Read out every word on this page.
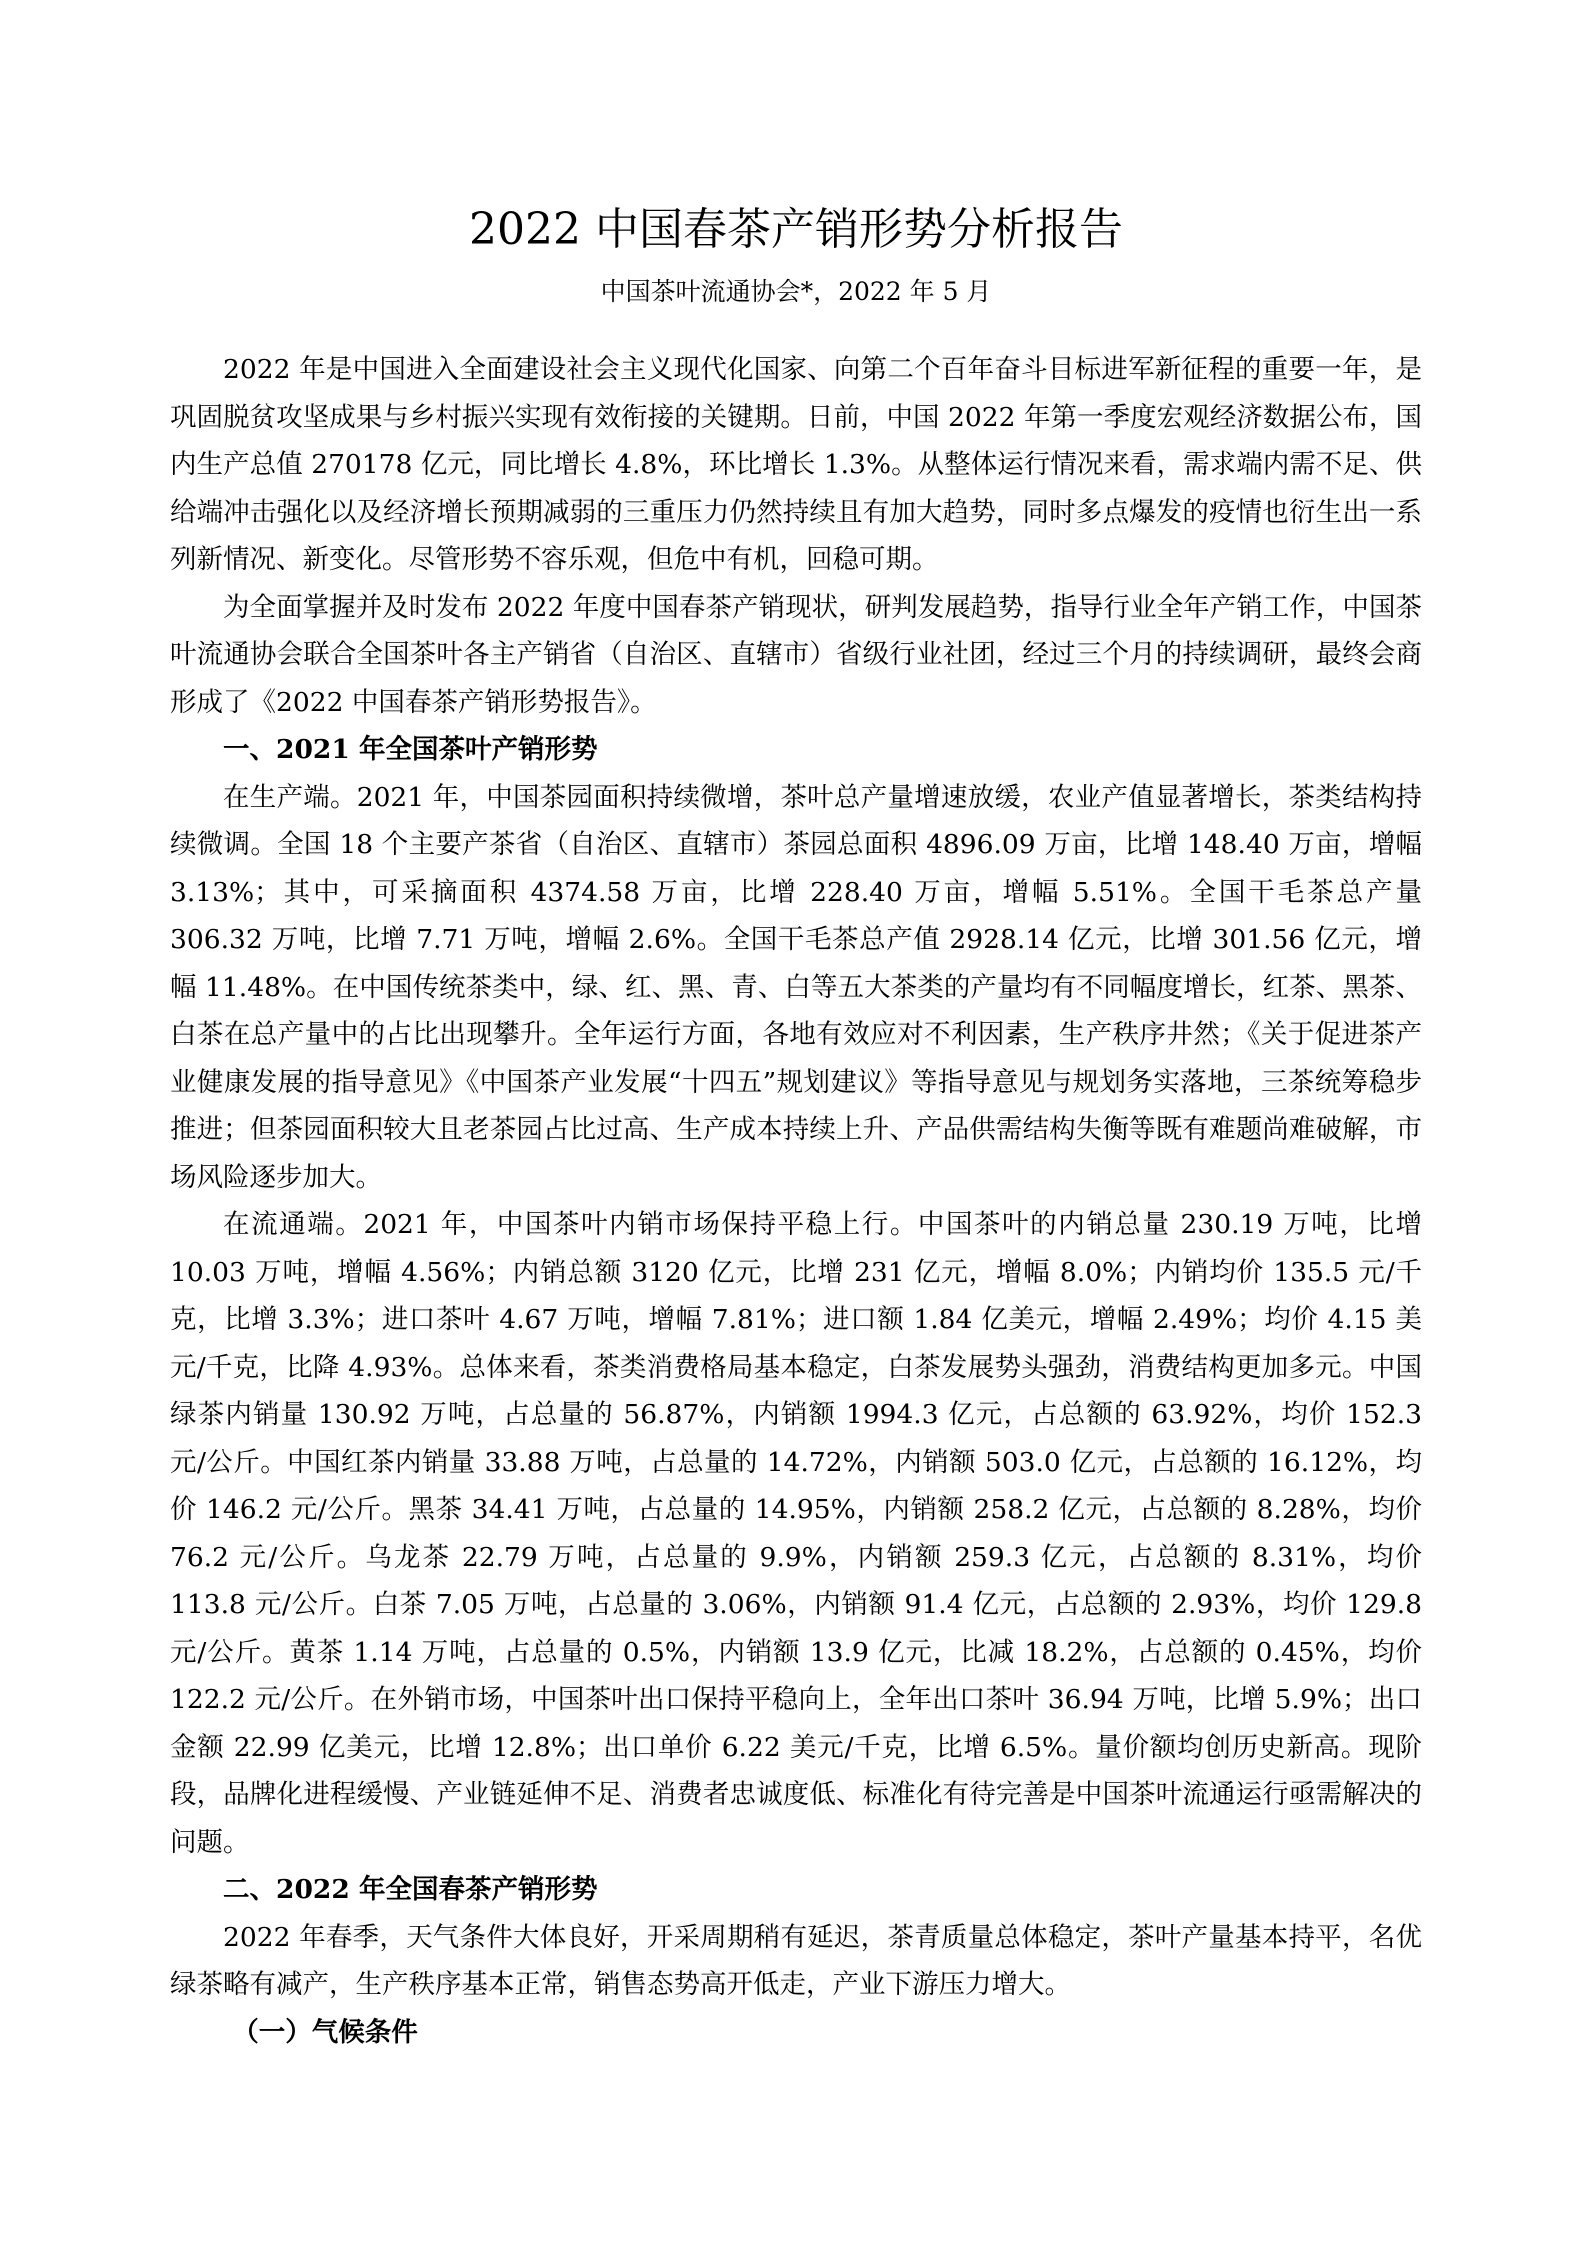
2022 中国春茶产销形势分析报告
中国茶叶流通协会*，2022 年 5 月

2022 年是中国进入全面建设社会主义现代化国家、向第二个百年奋斗目标进军新征程的重要一年，是巩固脱贫攻坚成果与乡村振兴实现有效衔接的关键期。日前，中国 2022 年第一季度宏观经济数据公布，国内生产总值 270178 亿元，同比增长 4.8%，环比增长 1.3%。从整体运行情况来看，需求端内需不足、供给端冲击强化以及经济增长预期减弱的三重压力仍然持续且有加大趋势，同时多点爆发的疫情也衍生出一系列新情况、新变化。尽管形势不容乐观，但危中有机，回稳可期。

为全面掌握并及时发布 2022 年度中国春茶产销现状，研判发展趋势，指导行业全年产销工作，中国茶叶流通协会联合全国茶叶各主产销省（自治区、直辖市）省级行业社团，经过三个月的持续调研，最终会商形成了《2022 中国春茶产销形势报告》。

一、2021 年全国茶叶产销形势

在生产端。2021 年，中国茶园面积持续微增，茶叶总产量增速放缓，农业产值显著增长，茶类结构持续微调。全国 18 个主要产茶省（自治区、直辖市）茶园总面积 4896.09 万亩，比增 148.40 万亩，增幅 3.13%；其中，可采摘面积 4374.58 万亩，比增 228.40 万亩，增幅 5.51%。全国干毛茶总产量 306.32 万吨，比增 7.71 万吨，增幅 2.6%。全国干毛茶总产值 2928.14 亿元，比增 301.56 亿元，增幅 11.48%。在中国传统茶类中，绿、红、黑、青、白等五大茶类的产量均有不同幅度增长，红茶、黑茶、白茶在总产量中的占比出现攀升。全年运行方面，各地有效应对不利因素，生产秩序井然；《关于促进茶产业健康发展的指导意见》《中国茶产业发展“十四五”规划建议》等指导意见与规划务实落地，三茶统筹稳步推进；但茶园面积较大且老茶园占比过高、生产成本持续上升、产品供需结构失衡等既有难题尚难破解，市场风险逐步加大。

在流通端。2021 年，中国茶叶内销市场保持平稳上行。中国茶叶的内销总量 230.19 万吨，比增 10.03 万吨，增幅 4.56%；内销总额 3120 亿元，比增 231 亿元，增幅 8.0%；内销均价 135.5 元/千克，比增 3.3%；进口茶叶 4.67 万吨，增幅 7.81%；进口额 1.84 亿美元，增幅 2.49%；均价 4.15 美元/千克，比降 4.93%。总体来看，茶类消费格局基本稳定，白茶发展势头强劲，消费结构更加多元。中国绿茶内销量 130.92 万吨，占总量的 56.87%，内销额 1994.3 亿元，占总额的 63.92%，均价 152.3 元/公斤。中国红茶内销量 33.88 万吨，占总量的 14.72%，内销额 503.0 亿元，占总额的 16.12%，均价 146.2 元/公斤。黑茶 34.41 万吨，占总量的 14.95%，内销额 258.2 亿元，占总额的 8.28%，均价 76.2 元/公斤。乌龙茶 22.79 万吨，占总量的 9.9%，内销额 259.3 亿元，占总额的 8.31%，均价 113.8 元/公斤。白茶 7.05 万吨，占总量的 3.06%，内销额 91.4 亿元，占总额的 2.93%，均价 129.8 元/公斤。黄茶 1.14 万吨，占总量的 0.5%，内销额 13.9 亿元，比减 18.2%，占总额的 0.45%，均价 122.2 元/公斤。在外销市场，中国茶叶出口保持平稳向上，全年出口茶叶 36.94 万吨，比增 5.9%；出口金额 22.99 亿美元，比增 12.8%；出口单价 6.22 美元/千克，比增 6.5%。量价额均创历史新高。现阶段，品牌化进程缓慢、产业链延伸不足、消费者忠诚度低、标准化有待完善是中国茶叶流通运行亟需解决的问题。

二、2022 年全国春茶产销形势

2022 年春季，天气条件大体良好，开采周期稍有延迟，茶青质量总体稳定，茶叶产量基本持平，名优绿茶略有减产，生产秩序基本正常，销售态势高开低走，产业下游压力增大。

（一）气候条件
